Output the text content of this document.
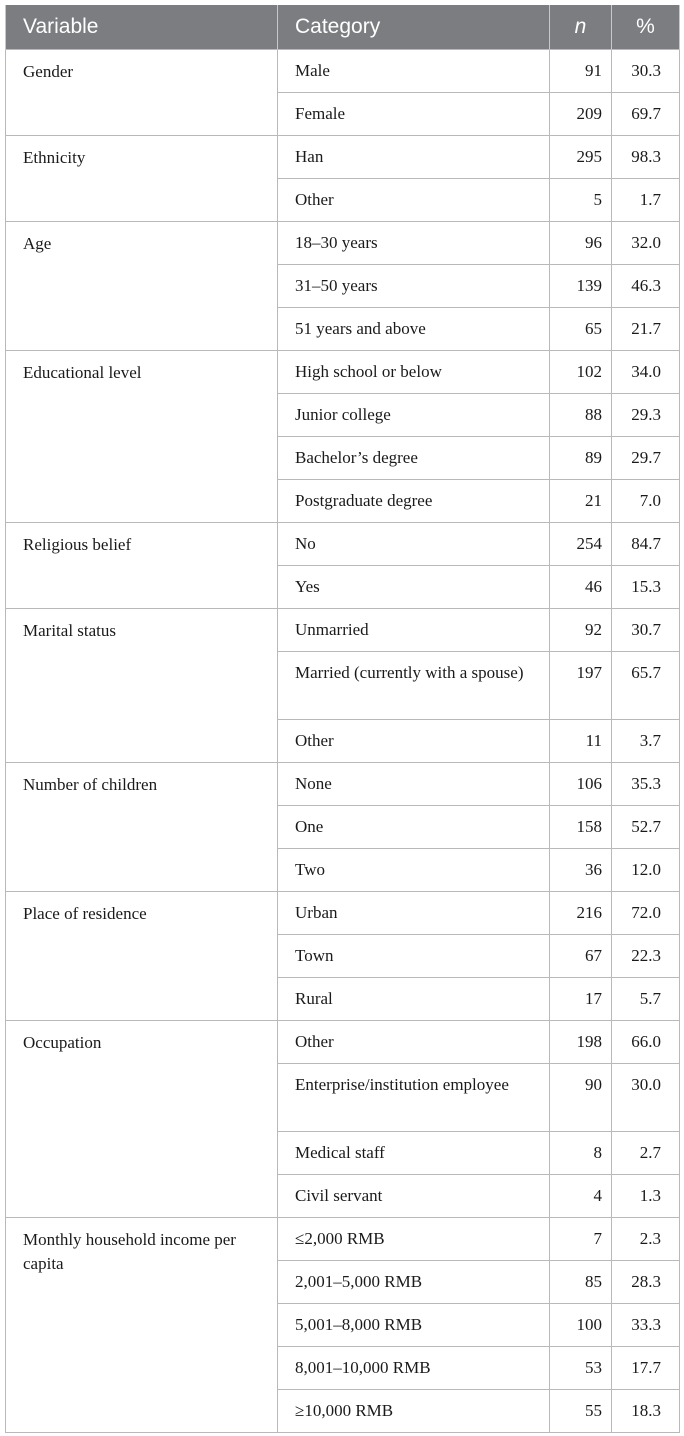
Variable	Category	n	%
Gender	Male	91	30.3
	Female	209	69.7
Ethnicity	Han	295	98.3
	Other	5	1.7
Age	18–30 years	96	32.0
	31–50 years	139	46.3
	51 years and above	65	21.7
Educational level	High school or below	102	34.0
	Junior college	88	29.3
	Bachelor’s degree	89	29.7
	Postgraduate degree	21	7.0
Religious belief	No	254	84.7
	Yes	46	15.3
Marital status	Unmarried	92	30.7
	Married (currently with a spouse)	197	65.7
	Other	11	3.7
Number of children	None	106	35.3
	One	158	52.7
	Two	36	12.0
Place of residence	Urban	216	72.0
	Town	67	22.3
	Rural	17	5.7
Occupation	Other	198	66.0
	Enterprise/institution employee	90	30.0
	Medical staff	8	2.7
	Civil servant	4	1.3
Monthly household income per capita	≤2,000 RMB	7	2.3
	2,001–5,000 RMB	85	28.3
	5,001–8,000 RMB	100	33.3
	8,001–10,000 RMB	53	17.7
	≥10,000 RMB	55	18.3
